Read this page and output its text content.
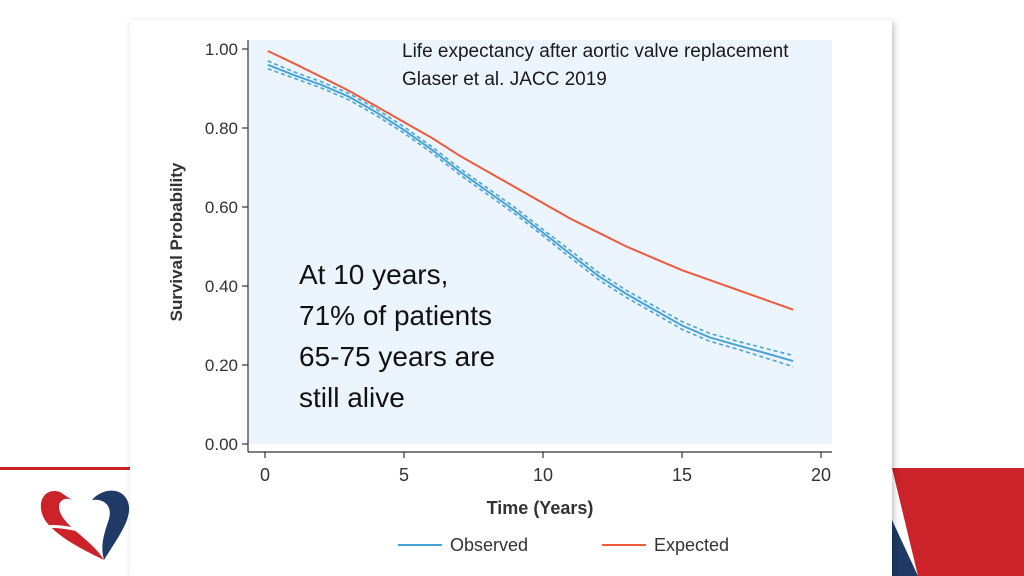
0.00
0.20
0.40
0.60
0.80
1.00
0	5	10	15	20
Time (Years)
Survival Probability
Observed	Expected
Life expectancy after aortic valve replacement
Glaser et al. JACC 2019
At 10 years,
71% of patients
65-75 years are
still alive
